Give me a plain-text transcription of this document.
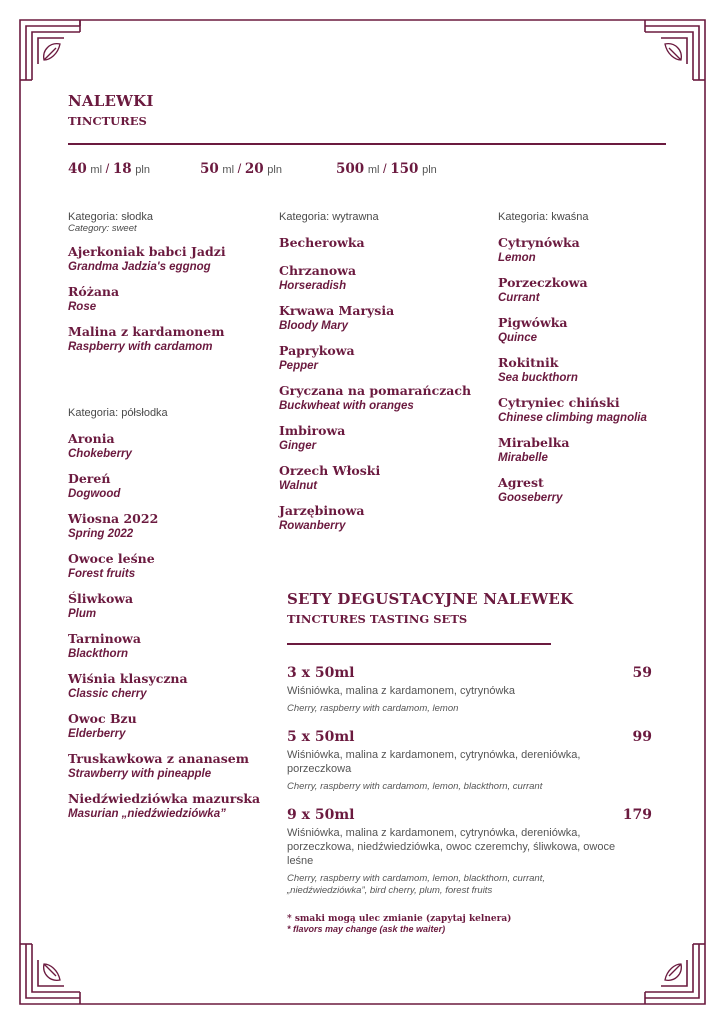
NALEWKI
TINCTURES
40 ml / 18 pln	50 ml / 20 pln	500 ml / 150 pln
Kategoria: słodka
Category: sweet
Ajerkoniak babci Jadzi
Grandma Jadzia's eggnog
Różana
Rose
Malina z kardamonem
Raspberry with cardamom
Kategoria: półsłodka
Aronia
Chokeberry
Dereń
Dogwood
Wiosna 2022
Spring 2022
Owoce leśne
Forest fruits
Śliwkowa
Plum
Tarninowa
Blackthorn
Wiśnia klasyczna
Classic cherry
Owoc Bzu
Elderberry
Truskawkowa z ananasem
Strawberry with pineapple
Niedźwiedziówka mazurska
Masurian „niedźwiedziówka”
Kategoria: wytrawna
Becherowka
Chrzanowa
Horseradish
Krwawa Marysia
Bloody Mary
Paprykowa
Pepper
Gryczana na pomarańczach
Buckwheat with oranges
Imbirowa
Ginger
Orzech Włoski
Walnut
Jarzębinowa
Rowanberry
Kategoria: kwaśna
Cytrynówka
Lemon
Porzeczkowa
Currant
Pigwówka
Quince
Rokitnik
Sea buckthorn
Cytryniec chiński
Chinese climbing magnolia
Mirabelka
Mirabelle
Agrest
Gooseberry
SETY DEGUSTACYJNE NALEWEK
TINCTURES TASTING SETS
3 x 50ml	59
Wiśniówka, malina z kardamonem, cytrynówka
Cherry, raspberry with cardamom, lemon
5 x 50ml	99
Wiśniówka, malina z kardamonem, cytrynówka, dereniówka, porzeczkowa
Cherry, raspberry with cardamom, lemon, blackthorn, currant
9 x 50ml	179
Wiśniówka, malina z kardamonem, cytrynówka, dereniówka, porzeczkowa, niedźwiedziówka, owoc czeremchy, śliwkowa, owoce leśne
Cherry, raspberry with cardamom, lemon, blackthorn, currant, „niedźwiedziówka”, bird cherry, plum, forest fruits
* smaki mogą ulec zmianie (zapytaj kelnera)
* flavors may change (ask the waiter)
